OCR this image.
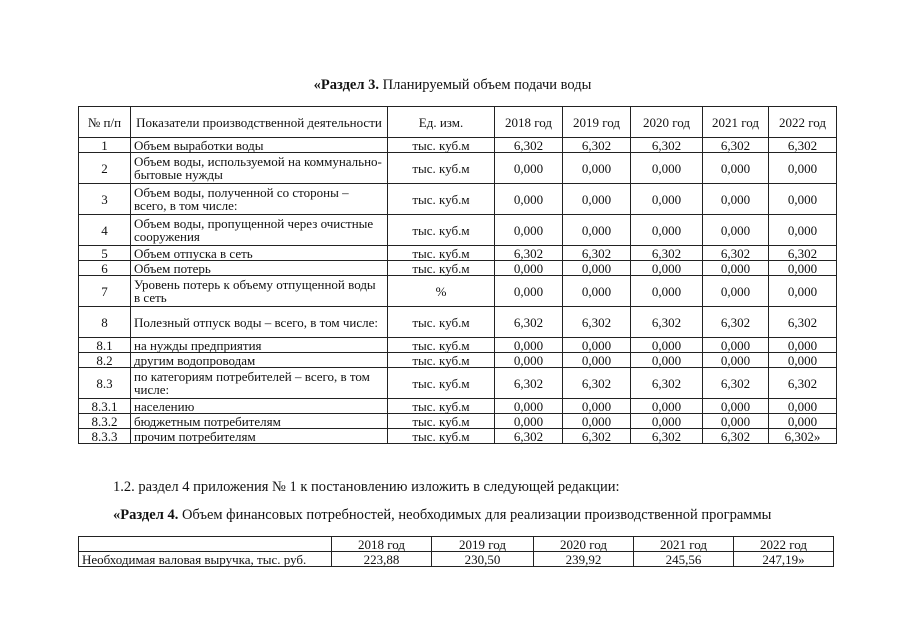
«Раздел 3. Планируемый объем подачи воды
№ п/п	Показатели производственной деятельности	Ед. изм.	2018 год	2019 год	2020 год	2021 год	2022 год
1	Объем выработки воды	тыс. куб.м	6,302	6,302	6,302	6,302	6,302
2	Объем воды, используемой на коммунально-бытовые нужды	тыс. куб.м	0,000	0,000	0,000	0,000	0,000
3	Объем воды, полученной со стороны – всего, в том числе:	тыс. куб.м	0,000	0,000	0,000	0,000	0,000
4	Объем воды, пропущенной через очистные сооружения	тыс. куб.м	0,000	0,000	0,000	0,000	0,000
5	Объем отпуска в сеть	тыс. куб.м	6,302	6,302	6,302	6,302	6,302
6	Объем потерь	тыс. куб.м	0,000	0,000	0,000	0,000	0,000
7	Уровень потерь к объему отпущенной воды в сеть	%	0,000	0,000	0,000	0,000	0,000
8	Полезный отпуск воды – всего, в том числе:	тыс. куб.м	6,302	6,302	6,302	6,302	6,302
8.1	на нужды предприятия	тыс. куб.м	0,000	0,000	0,000	0,000	0,000
8.2	другим водопроводам	тыс. куб.м	0,000	0,000	0,000	0,000	0,000
8.3	по категориям потребителей – всего, в том числе:	тыс. куб.м	6,302	6,302	6,302	6,302	6,302
8.3.1	населению	тыс. куб.м	0,000	0,000	0,000	0,000	0,000
8.3.2	бюджетным потребителям	тыс. куб.м	0,000	0,000	0,000	0,000	0,000
8.3.3	прочим потребителям	тыс. куб.м	6,302	6,302	6,302	6,302	6,302»
1.2. раздел 4 приложения № 1 к постановлению изложить в следующей редакции:
«Раздел 4. Объем финансовых потребностей, необходимых для реализации производственной программы
	2018 год	2019 год	2020 год	2021 год	2022 год
Необходимая валовая выручка, тыс. руб.	223,88	230,50	239,92	245,56	247,19»
